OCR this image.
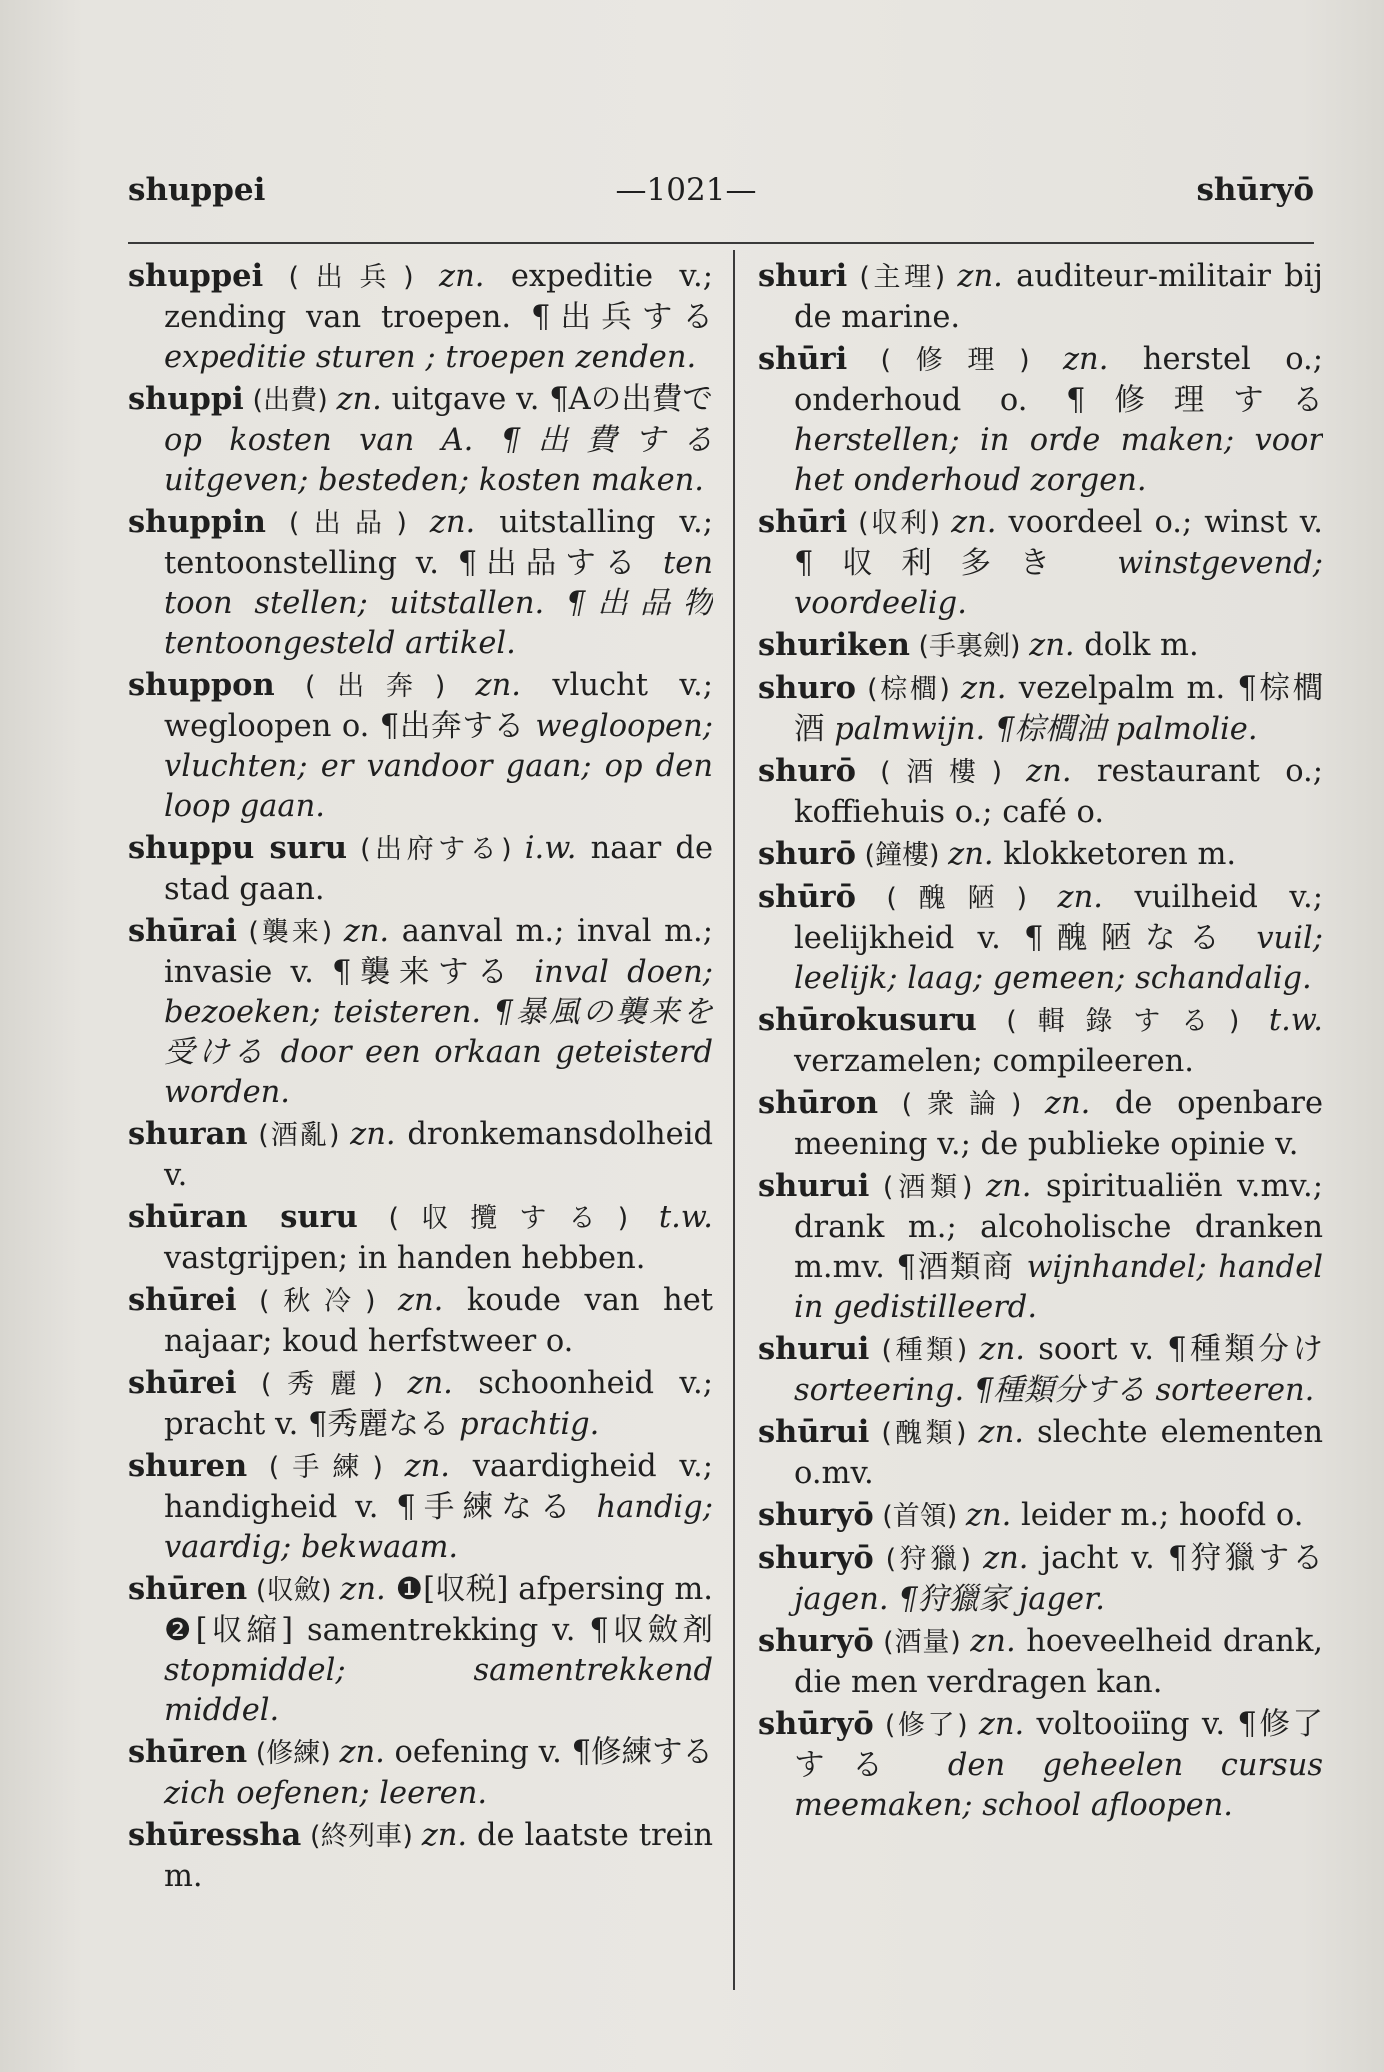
shuppei	—1021—	shūryō
shuppei (出兵) zn. expeditie v.; zending van troepen. ¶出兵する expeditie sturen ; troepen zenden.
shuppi (出費) zn. uitgave v. ¶Aの出費で op kosten van A. ¶出費する uitgeven; besteden; kosten maken.
shuppin (出品) zn. uitstalling v.; tentoonstelling v. ¶出品する ten toon stellen; uitstallen. ¶出品物 tentoongesteld artikel.
shuppon (出奔) zn. vlucht v.; wegloopen o. ¶出奔する wegloopen; vluchten; er vandoor gaan; op den loop gaan.
shuppu suru (出府する) i.w. naar de stad gaan.
shūrai (襲来) zn. aanval m.; inval m.; invasie v. ¶襲来する inval doen; bezoeken; teisteren. ¶暴風の襲来を受ける door een orkaan geteisterd worden.
shuran (酒亂) zn. dronkemansdolheid v.
shūran suru (収攬する) t.w. vastgrijpen; in handen hebben.
shūrei (秋冷) zn. koude van het najaar; koud herfstweer o.
shūrei (秀麗) zn. schoonheid v.; pracht v. ¶秀麗なる prachtig.
shuren (手練) zn. vaardigheid v.; handigheid v. ¶手練なる handig; vaardig; bekwaam.
shūren (収斂) zn. ❶[収税] afpersing m. ❷[収縮] samentrekking v. ¶収斂剤 stopmiddel; samentrekkend middel.
shūren (修練) zn. oefening v. ¶修練する zich oefenen; leeren.
shūressha (終列車) zn. de laatste trein m.
shuri (主理) zn. auditeur-militair bij de marine.
shūri (修理) zn. herstel o.; onderhoud o. ¶修理する herstellen; in orde maken; voor het onderhoud zorgen.
shūri (収利) zn. voordeel o.; winst v. ¶収利多き winstgevend; voordeelig.
shuriken (手裏劍) zn. dolk m.
shuro (棕櫚) zn. vezelpalm m. ¶棕櫚酒 palmwijn. ¶棕櫚油 palmolie.
shurō (酒樓) zn. restaurant o.; koffiehuis o.; café o.
shurō (鐘樓) zn. klokketoren m.
shūrō (醜陋) zn. vuilheid v.; leelijkheid v. ¶醜陋なる vuil; leelijk; laag; gemeen; schandalig.
shūrokusuru (輯錄する) t.w. verzamelen; compileeren.
shūron (衆論) zn. de openbare meening v.; de publieke opinie v.
shurui (酒類) zn. spiritualiën v.mv.; drank m.; alcoholische dranken m.mv. ¶酒類商 wijnhandel; handel in gedistilleerd.
shurui (種類) zn. soort v. ¶種類分け sorteering. ¶種類分する sorteeren.
shūrui (醜類) zn. slechte elementen o.mv.
shuryō (首領) zn. leider m.; hoofd o.
shuryō (狩獵) zn. jacht v. ¶狩獵する jagen. ¶狩獵家 jager.
shuryō (酒量) zn. hoeveelheid drank, die men verdragen kan.
shūryō (修了) zn. voltooiïng v. ¶修了する den geheelen cursus meemaken; school afloopen.
